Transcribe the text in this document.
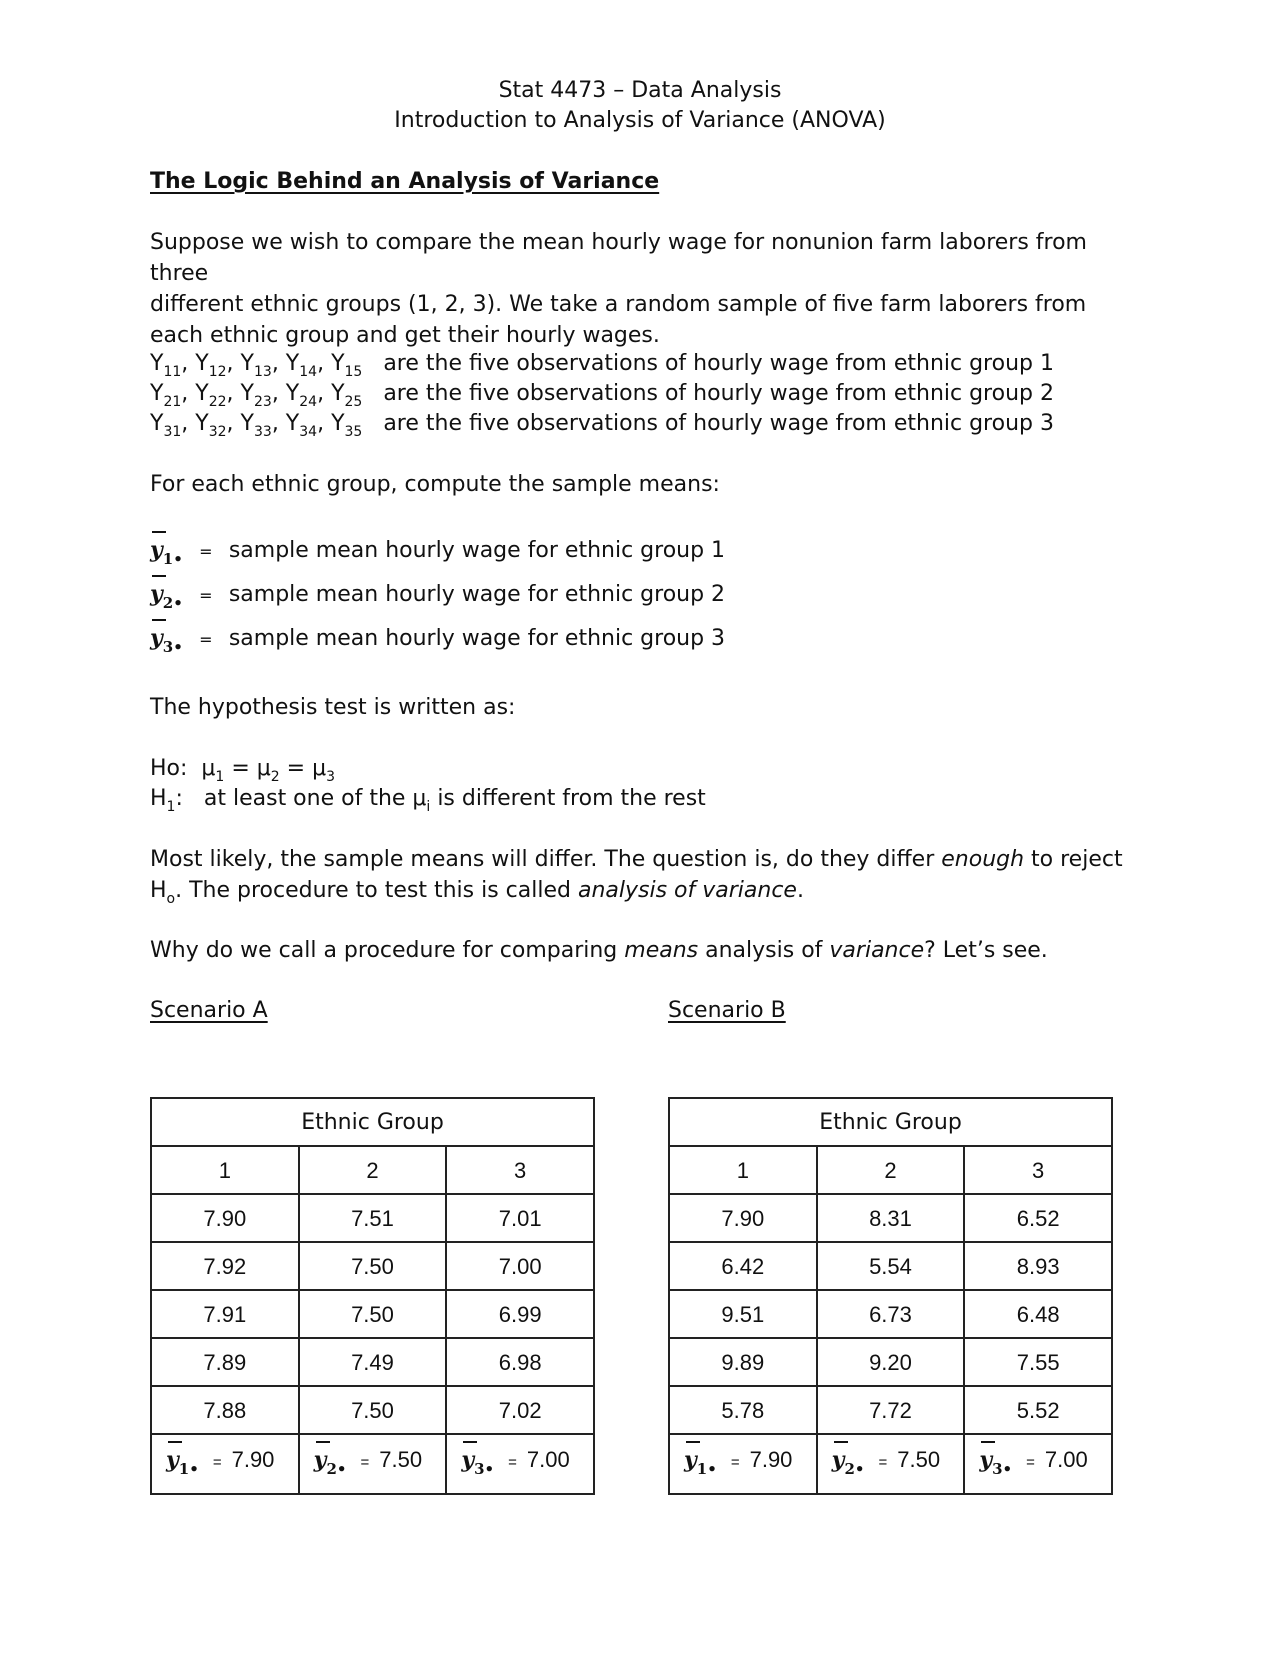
Stat 4473 – Data Analysis
Introduction to Analysis of Variance (ANOVA)
The Logic Behind an Analysis of Variance
Suppose we wish to compare the mean hourly wage for nonunion farm laborers from three
different ethnic groups (1, 2, 3). We take a random sample of five farm laborers from
each ethnic group and get their hourly wages.
$Y_{11}$, $Y_{12}$, $Y_{13}$, $Y_{14}$, $Y_{15}$ are the five observations of hourly wage from ethnic group 1
$Y_{21}$, $Y_{22}$, $Y_{23}$, $Y_{24}$, $Y_{25}$ are the five observations of hourly wage from ethnic group 2
$Y_{31}$, $Y_{32}$, $Y_{33}$, $Y_{34}$, $Y_{35}$ are the five observations of hourly wage from ethnic group 3
For each ethnic group, compute the sample means:
$y_{1•}$ = sample mean hourly wage for ethnic group 1
$y_{2•}$ = sample mean hourly wage for ethnic group 2
$y_{3•}$ = sample mean hourly wage for ethnic group 3
The hypothesis test is written as:
Ho:  $\mu_1 = \mu_2 = \mu_3$
$H_1$:   at least one of the $\mu_i$ is different from the rest
Most likely, the sample means will differ. The question is, do they differ enough to reject
$H_o$. The procedure to test this is called analysis of variance.
Why do we call a procedure for comparing means analysis of variance? Let’s see.
Scenario A	Scenario B
Ethnic Group		
1	2	3
7.90	7.51	7.01
7.92	7.50	7.00
7.91	7.50	6.99
7.89	7.49	6.98
7.88	7.50	7.02

$y_{1•} = 7.90$	$y_{2•} = 7.50$	$y_{3•} = 7.00$
Ethnic Group		
1	2	3
7.90	8.31	6.52
6.42	5.54	8.93
9.51	6.73	6.48
9.89	9.20	7.55
5.78	7.72	5.52

$y_{1•} = 7.90$	$y_{2•} = 7.50$	$y_{3•} = 7.00$
